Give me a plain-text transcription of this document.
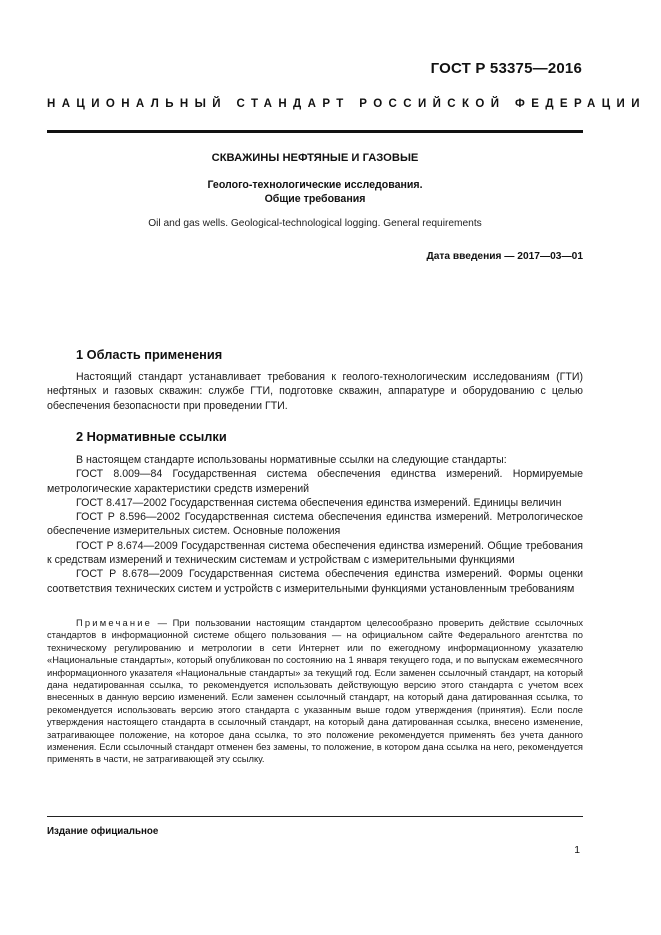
ГОСТ Р 53375—2016
НАЦИОНАЛЬНЫЙ СТАНДАРТ РОССИЙСКОЙ ФЕДЕРАЦИИ
СКВАЖИНЫ НЕФТЯНЫЕ И ГАЗОВЫЕ
Геолого-технологические исследования.
Общие требования
Oil and gas wells. Geological-technological logging. General requirements
Дата введения — 2017—03—01
1 Область применения

Настоящий стандарт устанавливает требования к геолого-технологическим исследованиям (ГТИ) нефтяных и газовых скважин: службе ГТИ, подготовке скважин, аппаратуре и оборудованию с целью обеспечения безопасности при проведении ГТИ.

2 Нормативные ссылки

В настоящем стандарте использованы нормативные ссылки на следующие стандарты:

ГОСТ 8.009—84 Государственная система обеспечения единства измерений. Нормируемые метрологические характеристики средств измерений

ГОСТ 8.417—2002 Государственная система обеспечения единства измерений. Единицы величин

ГОСТ Р 8.596—2002 Государственная система обеспечения единства измерений. Метрологическое обеспечение измерительных систем. Основные положения

ГОСТ Р 8.674—2009 Государственная система обеспечения единства измерений. Общие требования к средствам измерений и техническим системам и устройствам с измерительными функциями

ГОСТ Р 8.678—2009 Государственная система обеспечения единства измерений. Формы оценки соответствия технических систем и устройств с измерительными функциями установленным требованиям

Примечание — При пользовании настоящим стандартом целесообразно проверить действие ссылочных стандартов в информационной системе общего пользования — на официальном сайте Федерального агентства по техническому регулированию и метрологии в сети Интернет или по ежегодному информационному указателю «Национальные стандарты», который опубликован по состоянию на 1 января текущего года, и по выпускам ежемесячного информационного указателя «Национальные стандарты» за текущий год. Если заменен ссылочный стандарт, на который дана недатированная ссылка, то рекомендуется использовать действующую версию этого стандарта с учетом всех внесенных в данную версию изменений. Если заменен ссылочный стандарт, на который дана датированная ссылка, то рекомендуется использовать версию этого стандарта с указанным выше годом утверждения (принятия). Если после утверждения настоящего стандарта в ссылочный стандарт, на который дана датированная ссылка, внесено изменение, затрагивающее положение, на которое дана ссылка, то это положение рекомендуется применять без учета данного изменения. Если ссылочный стандарт отменен без замены, то положение, в котором дана ссылка на него, рекомендуется применять в части, не затрагивающей эту ссылку.

Издание официальное
1
